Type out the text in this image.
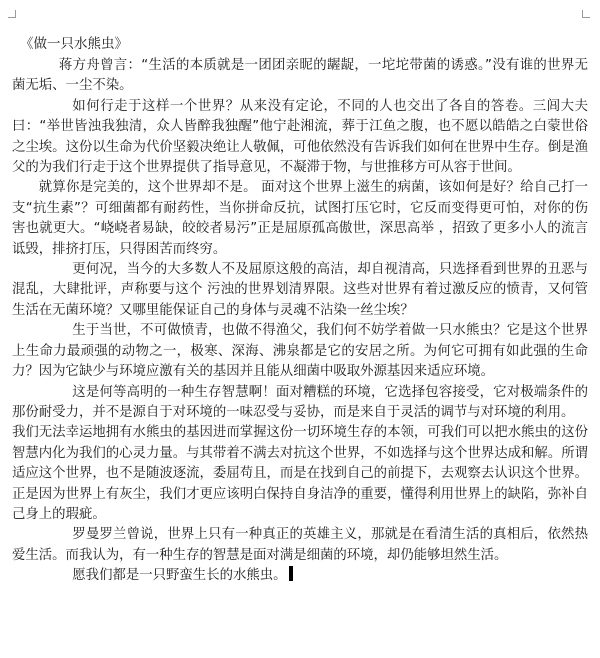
《做一只水熊虫》

蒋方舟曾言：“生活的本质就是一团团亲昵的龌龊，一坨坨带菌的诱惑。”没有谁的世界无菌无垢、一尘不染。

如何行走于这样一个世界？从来没有定论，不同的人也交出了各自的答卷。三闾大夫曰：“举世皆浊我独清，众人皆醉我独醒”他宁赴湘流，葬于江鱼之腹，也不愿以皓皓之白蒙世俗之尘埃。这份以生命为代价坚毅决绝让人敬佩，可他依然没有告诉我们如何在世界中生存。倒是渔父的为我们行走于这个世界提供了指导意见，不凝滞于物，与世推移方可从容于世间。

就算你是完美的，这个世界却不是。 面对这个世界上滋生的病菌，该如何是好？给自己打一支“抗生素”？可细菌都有耐药性，当你拼命反抗，试图打压它时，它反而变得更可怕，对你的伤害也就更大。“峣峣者易缺，皎皎者易污”正是屈原孤高傲世，深思高举 ，招致了更多小人的流言诋毁，排挤打压，只得困苦而终穷。

更何况，当今的大多数人不及屈原这般的高洁，却自视清高，只选择看到世界的丑恶与混乱，大肆批评，声称要与这个 污浊的世界划清界限。这些对世界有着过激反应的愤青，又何管生活在无菌环境？又哪里能保证自己的身体与灵魂不沾染一丝尘埃？

生于当世，不可做愤青，也做不得渔父，我们何不妨学着做一只水熊虫？它是这个世界上生命力最顽强的动物之一，极寒、深海、沸泉都是它的安居之所。为何它可拥有如此强的生命力？因为它缺少与环境应激有关的基因并且能从细菌中吸取外源基因来适应环境。

这是何等高明的一种生存智慧啊！面对糟糕的环境，它选择包容接受，它对极端条件的那份耐受力，并不是源自于对环境的一味忍受与妥协，而是来自于灵活的调节与对环境的利用。

我们无法幸运地拥有水熊虫的基因进而掌握这份一切环境生存的本领，可我们可以把水熊虫的这份智慧内化为我们的心灵力量。与其带着不满去对抗这个世界，不如选择与这个世界达成和解。所谓适应这个世界，也不是随波逐流，委屈苟且，而是在找到自己的前提下，去观察去认识这个世界。正是因为世界上有灰尘，我们才更应该明白保持自身洁净的重要，懂得利用世界上的缺陷，弥补自己身上的瑕疵。

罗曼罗兰曾说，世界上只有一种真正的英雄主义，那就是在看清生活的真相后，依然热爱生活。而我认为，有一种生存的智慧是面对满是细菌的环境，却仍能够坦然生活。

愿我们都是一只野蛮生长的水熊虫。
